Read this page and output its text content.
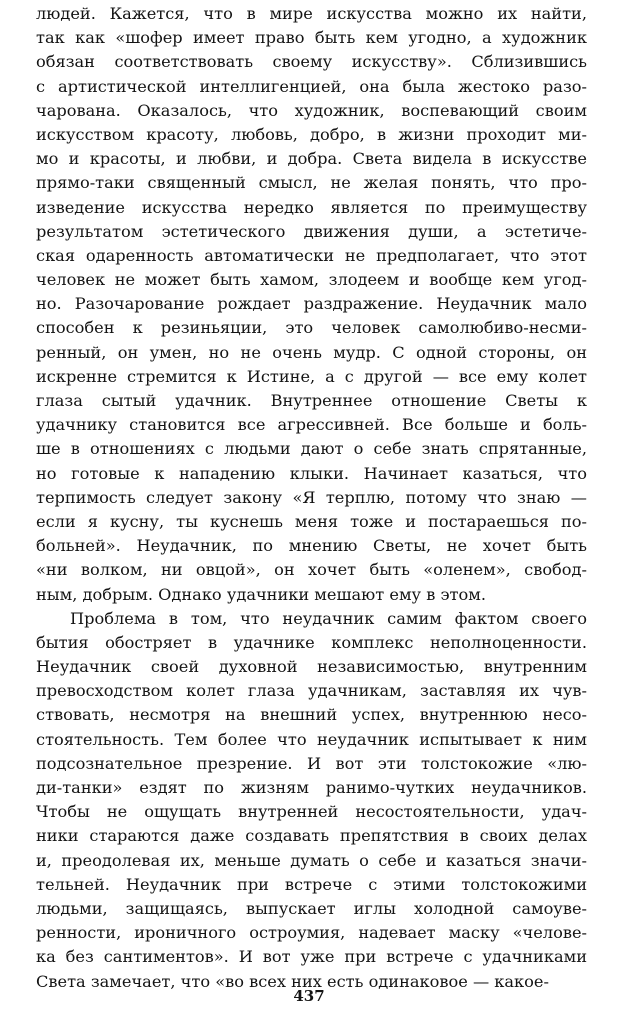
людей. Кажется, что в мире искусства можно их найти,
так как «шофер имеет право быть кем угодно, а художник
обязан соответствовать своему искусству». Сблизившись
с артистической интеллигенцией, она была жестоко разо-
чарована. Оказалось, что художник, воспевающий своим
искусством красоту, любовь, добро, в жизни проходит ми-
мо и красоты, и любви, и добра. Света видела в искусстве
прямо-таки священный смысл, не желая понять, что про-
изведение искусства нередко является по преимуществу
результатом эстетического движения души, а эстетиче-
ская одаренность автоматически не предполагает, что этот
человек не может быть хамом, злодеем и вообще кем угод-
но. Разочарование рождает раздражение. Неудачник мало
способен к резиньяции, это человек самолюбиво-несми-
ренный, он умен, но не очень мудр. С одной стороны, он
искренне стремится к Истине, а с другой — все ему колет
глаза сытый удачник. Внутреннее отношение Светы к
удачнику становится все агрессивней. Все больше и боль-
ше в отношениях с людьми дают о себе знать спрятанные,
но готовые к нападению клыки. Начинает казаться, что
терпимость следует закону «Я терплю, потому что знаю —
если я кусну, ты куснешь меня тоже и постараешься по-
больней». Неудачник, по мнению Светы, не хочет быть
«ни волком, ни овцой», он хочет быть «оленем», свобод-
ным, добрым. Однако удачники мешают ему в этом.
Проблема в том, что неудачник самим фактом своего
бытия обостряет в удачнике комплекс неполноценности.
Неудачник своей духовной независимостью, внутренним
превосходством колет глаза удачникам, заставляя их чув-
ствовать, несмотря на внешний успех, внутреннюю несо-
стоятельность. Тем более что неудачник испытывает к ним
подсознательное презрение. И вот эти толстокожие «лю-
ди-танки» ездят по жизням ранимо-чутких неудачников.
Чтобы не ощущать внутренней несостоятельности, удач-
ники стараются даже создавать препятствия в своих делах
и, преодолевая их, меньше думать о себе и казаться значи-
тельней. Неудачник при встрече с этими толстокожими
людьми, защищаясь, выпускает иглы холодной самоуве-
ренности, ироничного остроумия, надевает маску «челове-
ка без сантиментов». И вот уже при встрече с удачниками
Света замечает, что «во всех них есть одинаковое — какое-
437
